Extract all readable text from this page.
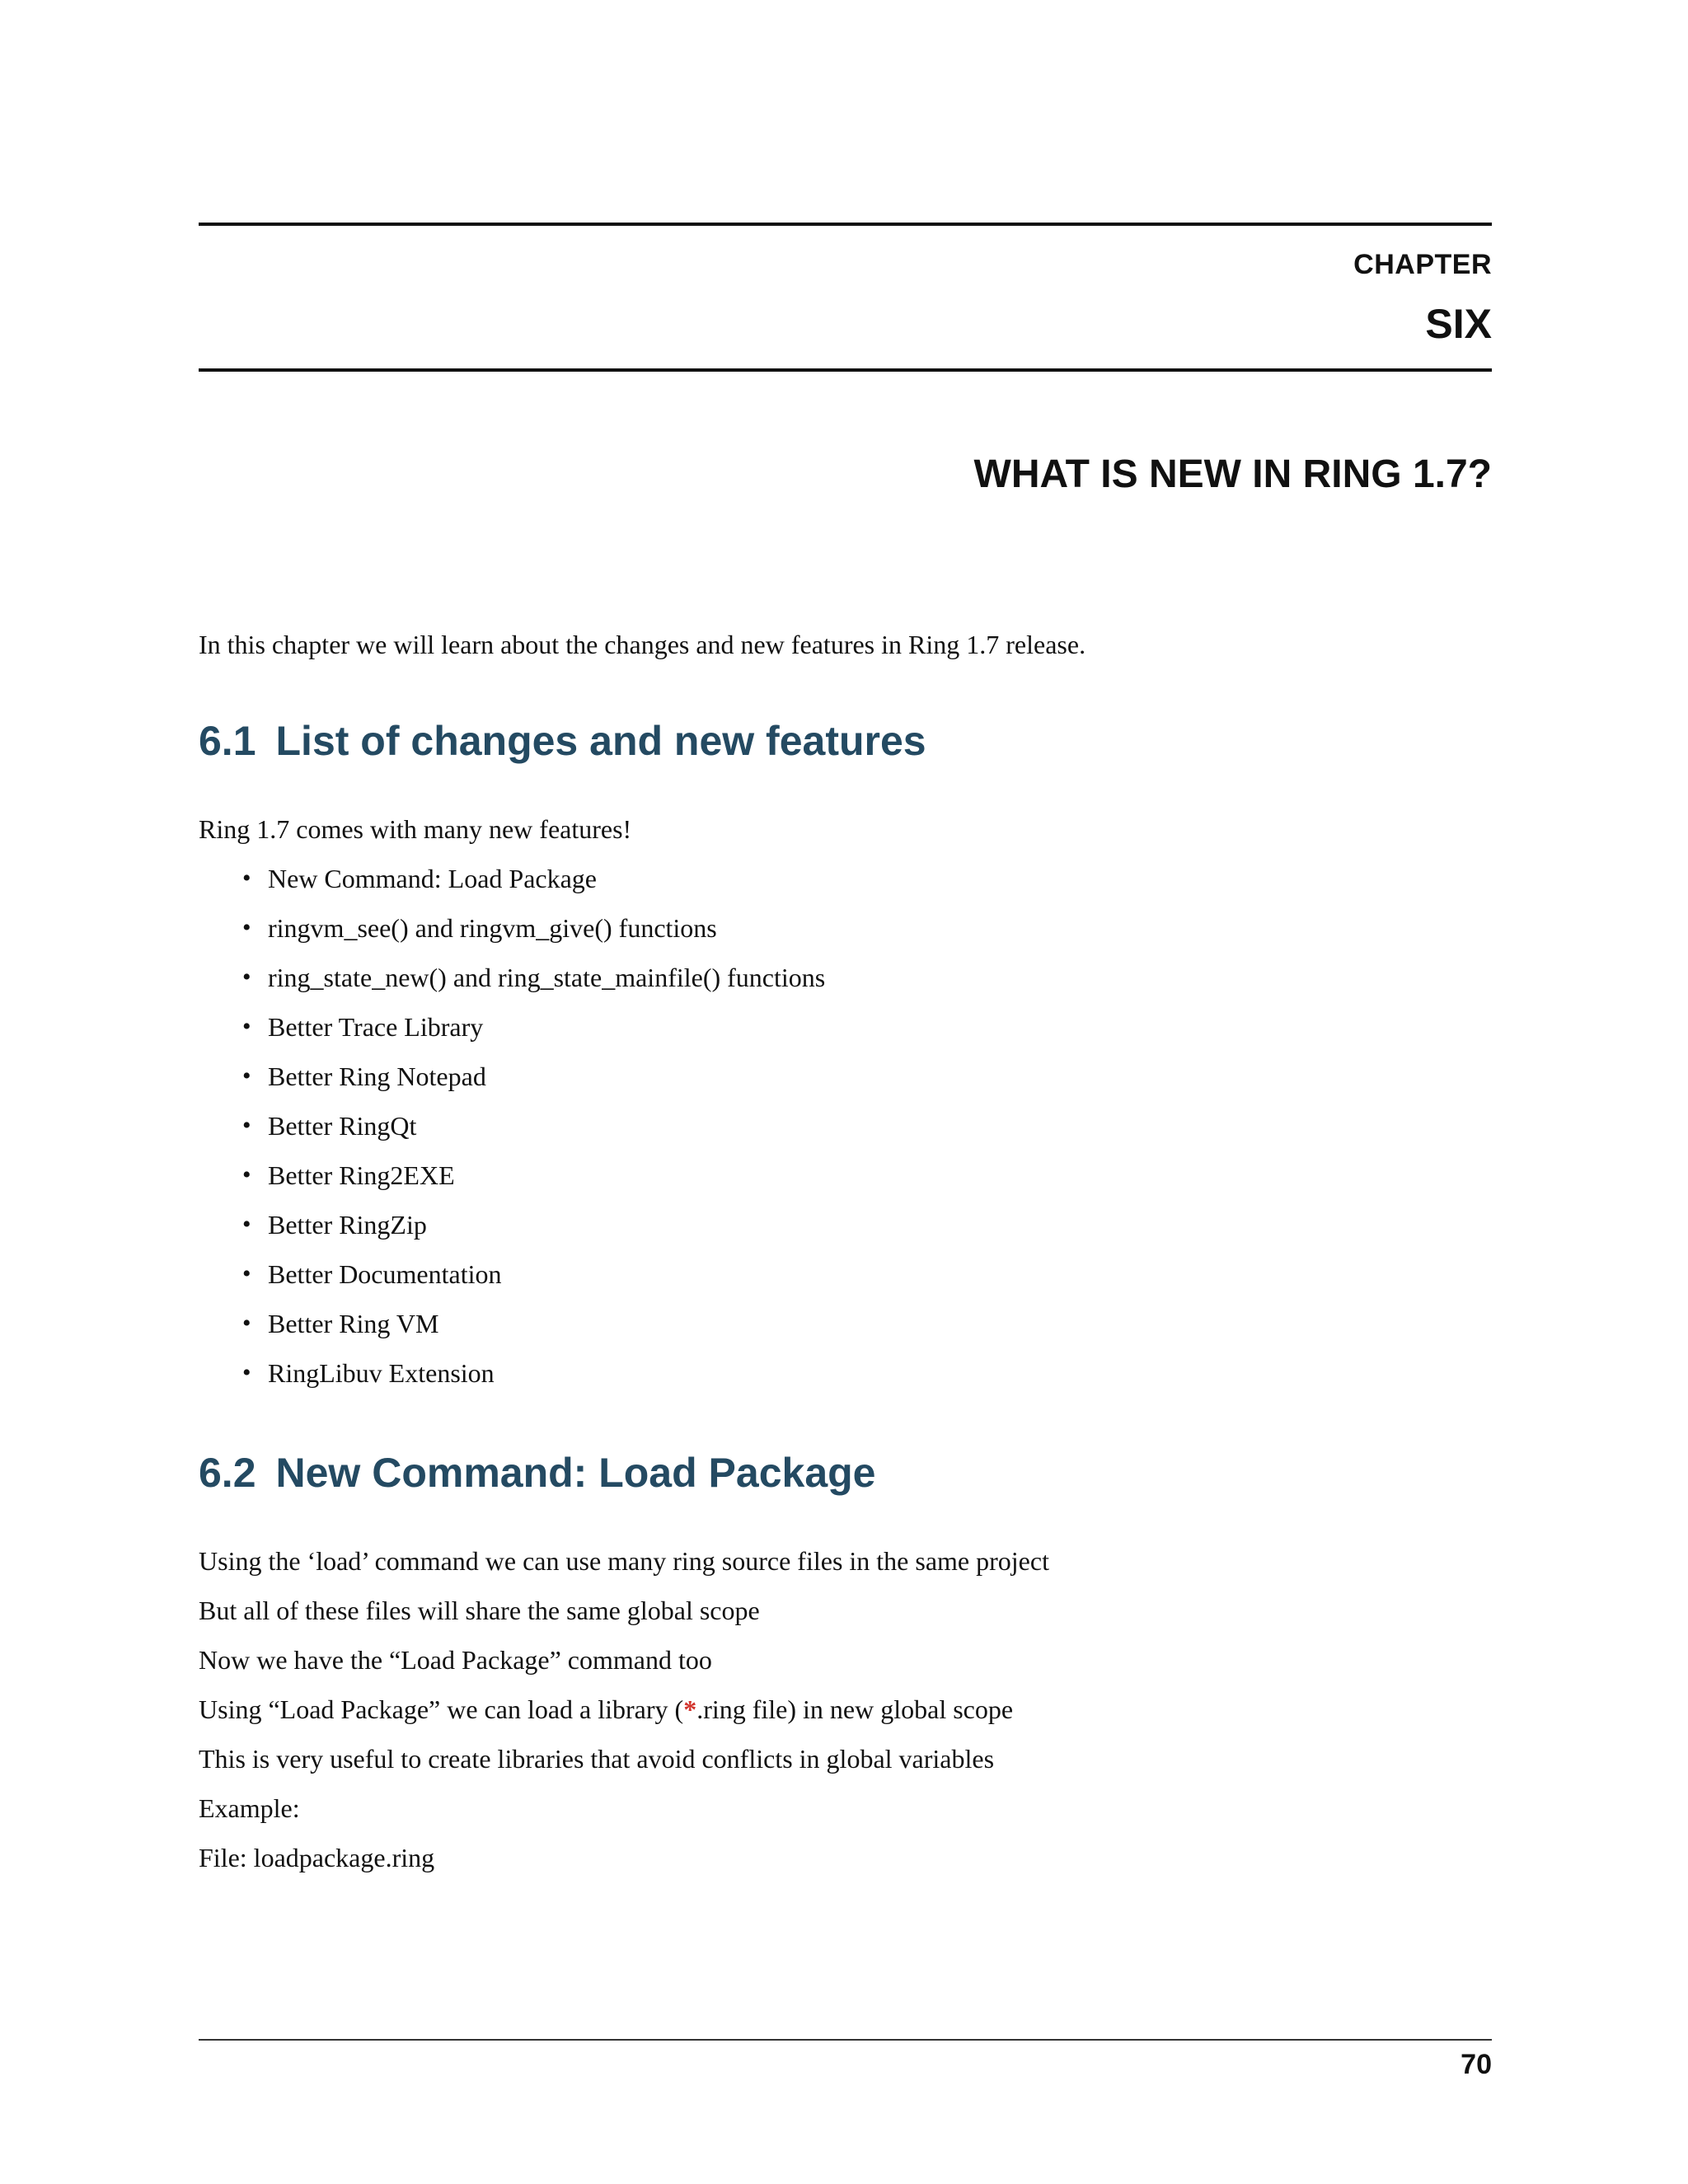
CHAPTER
SIX
WHAT IS NEW IN RING 1.7?
In this chapter we will learn about the changes and new features in Ring 1.7 release.
6.1 List of changes and new features
Ring 1.7 comes with many new features!
• New Command: Load Package
• ringvm_see() and ringvm_give() functions
• ring_state_new() and ring_state_mainfile() functions
• Better Trace Library
• Better Ring Notepad
• Better RingQt
• Better Ring2EXE
• Better RingZip
• Better Documentation
• Better Ring VM
• RingLibuv Extension
6.2 New Command: Load Package
Using the ‘load’ command we can use many ring source files in the same project
But all of these files will share the same global scope
Now we have the “Load Package” command too
Using “Load Package” we can load a library (*.ring file) in new global scope
This is very useful to create libraries that avoid conflicts in global variables
Example:
File: loadpackage.ring
70
